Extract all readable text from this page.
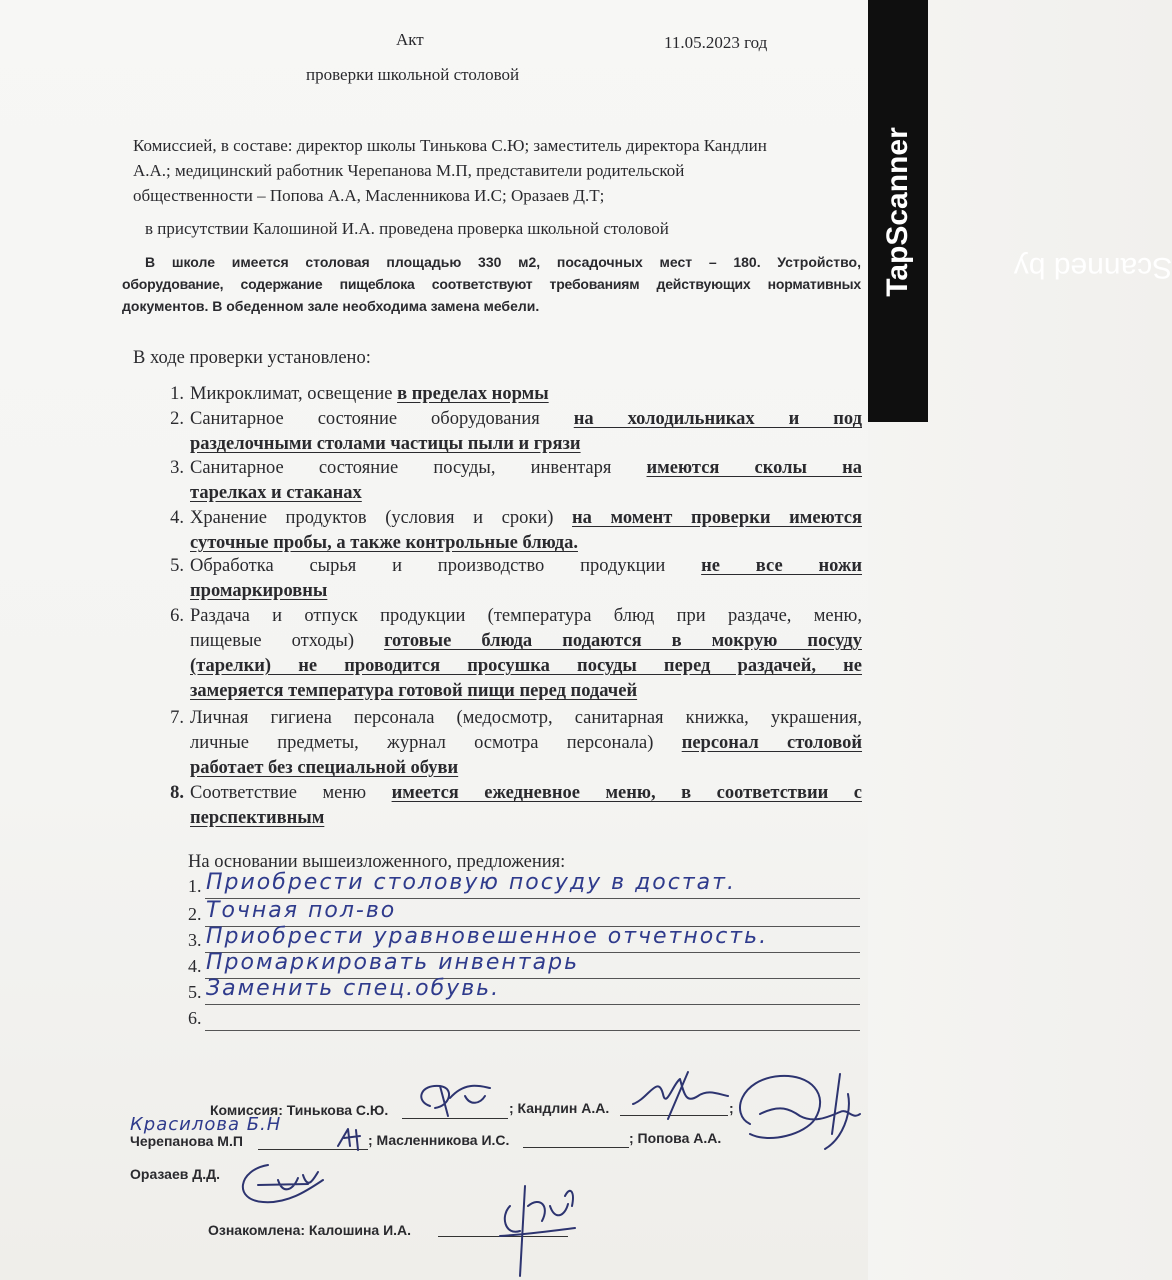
Scanned by
TapScanner
Акт	11.05.2023 год
проверки школьной столовой
Комиссией, в составе: директор школы Тинькова С.Ю; заместитель директора Кандлин
А.А.; медицинский работник Черепанова М.П, представители родительской
общественности – Попова А.А, Масленникова И.С; Оразаев Д.Т;
в присутствии Калошиной И.А. проведена проверка школьной столовой
В школе имеется столовая площадью 330 м2, посадочных мест – 180. Устройство,
оборудование, содержание пищеблока соответствуют требованиям действующих нормативных
документов. В обеденном зале необходима замена мебели.
В ходе проверки установлено:
1. Микроклимат, освещение в пределах нормы
2. Санитарное состояние оборудования на холодильниках и под
разделочными столами частицы пыли и грязи
3. Санитарное состояние посуды, инвентаря имеются сколы на
тарелках и стаканах
4. Хранение продуктов (условия и сроки) на момент проверки имеются
суточные пробы, а также контрольные блюда.
5. Обработка сырья и производство продукции не все ножи
промаркировны
6. Раздача и отпуск продукции (температура блюд при раздаче, меню,
пищевые отходы) готовые блюда подаются в мокрую посуду
(тарелки) не проводится просушка посуды перед раздачей, не
замеряется температура готовой пищи перед подачей
7. Личная гигиена персонала (медосмотр, санитарная книжка, украшения,
личные предметы, журнал осмотра персонала) персонал столовой
работает без специальной обуви
8. Соответствие меню имеется ежедневное меню, в соответствии с
перспективным
На основании вышеизложенного, предложения:
1. Приобрести столовую посуду в достат.
2. Точная пол-во
3. Приобрести уравновешенное отчетность.
4. Промаркировать инвентарь
5. Заменить спец.обувь.
6.
Комиссия: Тинькова С.Ю.	; Кандлин А.А.	;
Красилова Б.Н
Черепанова М.П	; Масленникова И.С.	; Попова А.А.
Оразаев Д.Д.
Ознакомлена: Калошина И.А.
